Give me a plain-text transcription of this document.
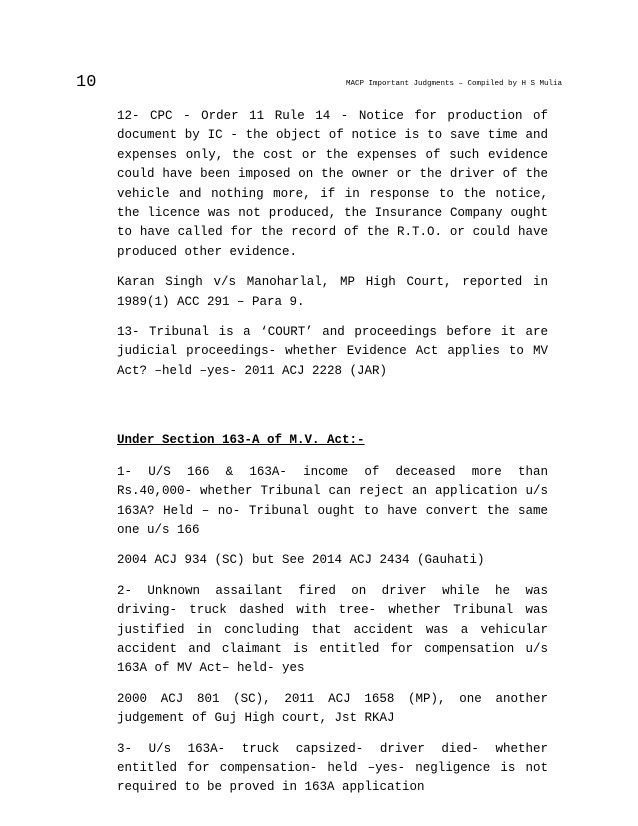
10	MACP Important Judgments – Compiled by H S Mulia

12- CPC - Order 11 Rule 14 - Notice for production of document by IC - the object of notice is to save time and expenses only, the cost or the expenses of such evidence could have been imposed on the owner or the driver of the vehicle and nothing more, if in response to the notice, the licence was not produced, the Insurance Company ought to have called for the record of the R.T.O. or could have produced other evidence.

Karan Singh v/s Manoharlal, MP High Court, reported in 1989(1) ACC 291 – Para 9.

13- Tribunal is a ‘COURT’ and proceedings before it are judicial proceedings- whether Evidence Act applies to MV Act? –held –yes- 2011 ACJ 2228 (JAR)

Under Section 163-A of M.V. Act:-

1- U/S 166 & 163A- income of deceased more than Rs.40,000- whether Tribunal can reject an application u/s 163A? Held – no- Tribunal ought to have convert the same one u/s 166

2004 ACJ 934 (SC) but See 2014 ACJ 2434 (Gauhati)

2- Unknown assailant fired on driver while he was driving- truck dashed with tree- whether Tribunal was justified in concluding that accident was a vehicular accident and claimant is entitled for compensation u/s 163A of MV Act– held- yes

2000 ACJ 801 (SC), 2011 ACJ 1658 (MP), one another judgement of Guj High court, Jst RKAJ

3- U/s 163A- truck capsized- driver died- whether entitled for compensation- held –yes- negligence is not required to be proved in 163A application
